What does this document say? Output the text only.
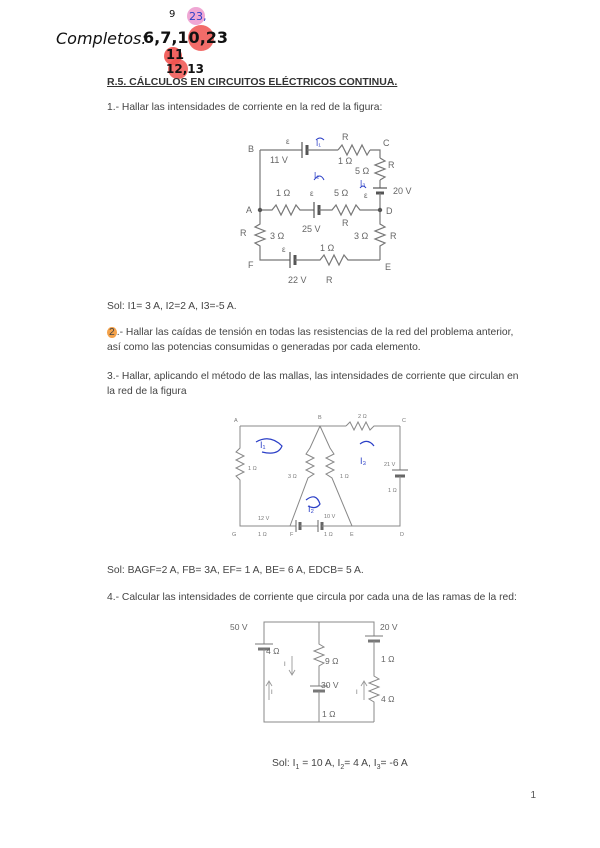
Completos:
6,7,10,23
9 23,
11
12,13
R.5. CÁLCULOS EN CIRCUITOS ELÉCTRICOS CONTINUA.
1.- Hallar las intensidades de corriente en la red de la figura:
B
C
A	D
F	E
11 V
ε	R
1 Ω
5 Ω
R
20 V
ε
1 Ω ε 5 Ω
R
25 V
R	3 Ω	3 Ω R
1 Ω
ε
22 V R
I₁
I₂
I₃
Sol: I1= 3 A, I2=2 A, I3=-5 A.
2 .- Hallar las caídas de tensión en todas las resistencias de la red del problema anterior, así como las potencias consumidas o generadas por cada elemento.
3.- Hallar, aplicando el método de las mallas, las intensidades de corriente que circulan en la red de la figura
A	B	C
G	F	E	D
2 Ω
1 Ω
3 Ω	1 Ω
21 V
1 Ω
12 V	10 V
1 Ω	1 Ω
I₁
I₃
I₂
Sol: BAGF=2 A, FB= 3A, EF= 1 A, BE= 6 A, EDCB= 5 A.
4.- Calcular las intensidades de corriente que circula por cada una de las ramas de la red:
50 V	20 V
4 Ω
9 Ω
30 V
1 Ω
1 Ω
4 Ω
I
I	I
Sol: $I_1 = 10$ A, $I_2= 4$ A, $I_3= -6$ A
1
